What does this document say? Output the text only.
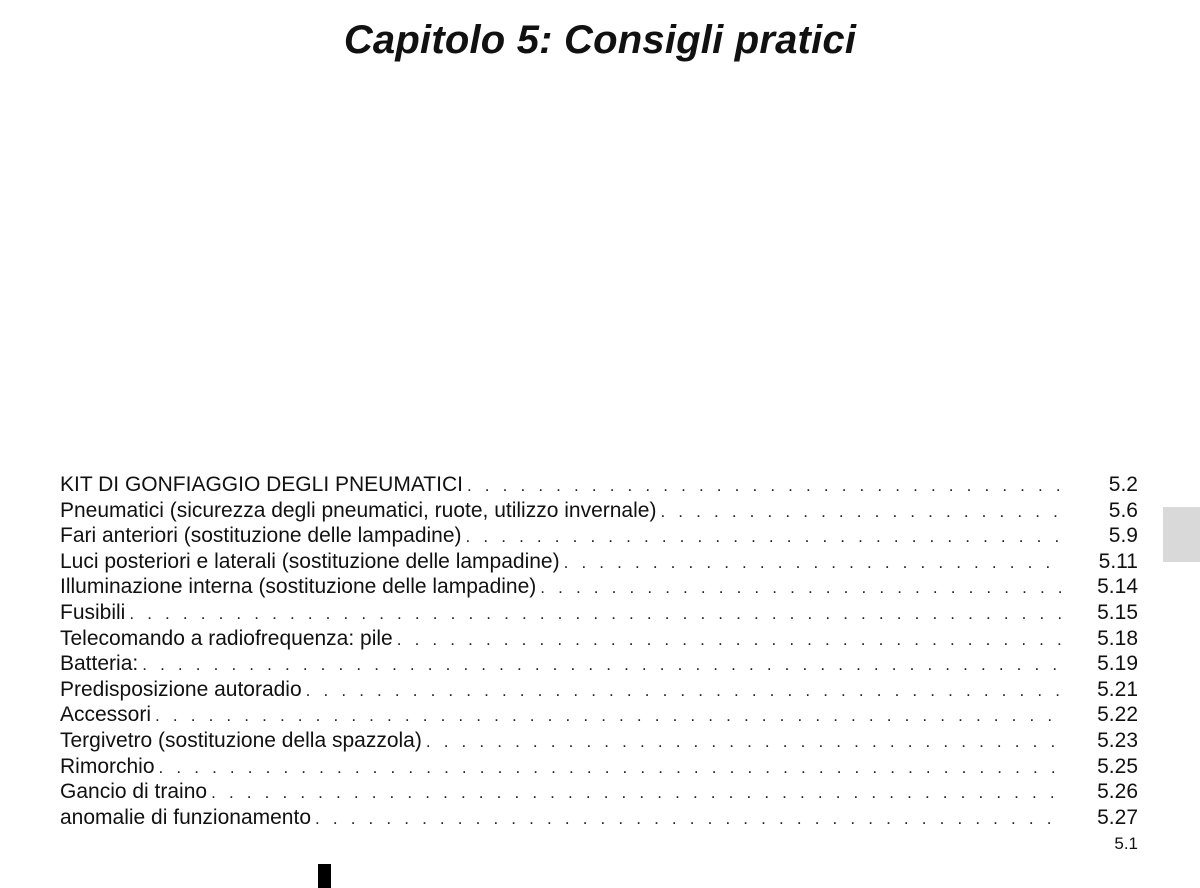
Capitolo 5: Consigli pratici
KIT DI GONFIAGGIO DEGLI PNEUMATICI . . .	5.2
Pneumatici (sicurezza degli pneumatici, ruote, utilizzo invernale) . . .	5.6
Fari anteriori (sostituzione delle lampadine) . . .	5.9
Luci posteriori e laterali (sostituzione delle lampadine) . . .	5.11
Illuminazione interna (sostituzione delle lampadine) . . .	5.14
Fusibili . . .	5.15
Telecomando a radiofrequenza: pile . . .	5.18
Batteria: . . .	5.19
Predisposizione autoradio . . .	5.21
Accessori . . .	5.22
Tergivetro (sostituzione della spazzola) . . .	5.23
Rimorchio . . .	5.25
Gancio di traino . . .	5.26
anomalie di funzionamento . . .	5.27
5.1
